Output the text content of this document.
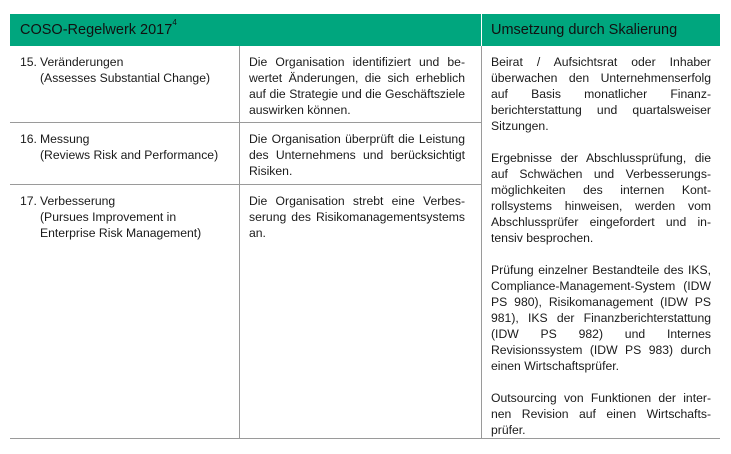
COSO-Regelwerk 2017$^4$	Umsetzung durch Skalierung
15. Veränderungen
(Assesses Substantial Change)
Die Organisation identifiziert und bewertet Änderungen, die sich erheblich auf die Strategie und die Geschäftsziele auswirken können.
16. Messung
(Reviews Risk and Performance)
Die Organisation überprüft die Leistung des Unternehmens und berücksichtigt Risiken.
17. Verbesserung
(Pursues Improvement in Enterprise Risk Management)
Die Organisation strebt eine Verbesserung des Risikomanagementsystems an.

Beirat / Aufsichtsrat oder Inhaber überwachen den Unternehmenserfolg auf Basis monatlicher Finanzberichterstattung und quartalsweiser Sitzungen.

Ergebnisse der Abschlussprüfung, die auf Schwächen und Verbesserungsmöglichkeiten des internen Kontrollsystems hinweisen, werden vom Abschlussprüfer eingefordert und intensiv besprochen.

Prüfung einzelner Bestandteile des IKS, Compliance-Management-System (IDW PS 980), Risikomanagement (IDW PS 981), IKS der Finanzberichterstattung (IDW PS 982) und Internes Revisionssystem (IDW PS 983) durch einen Wirtschaftsprüfer.

Outsourcing von Funktionen der internen Revision auf einen Wirtschaftsprüfer.
